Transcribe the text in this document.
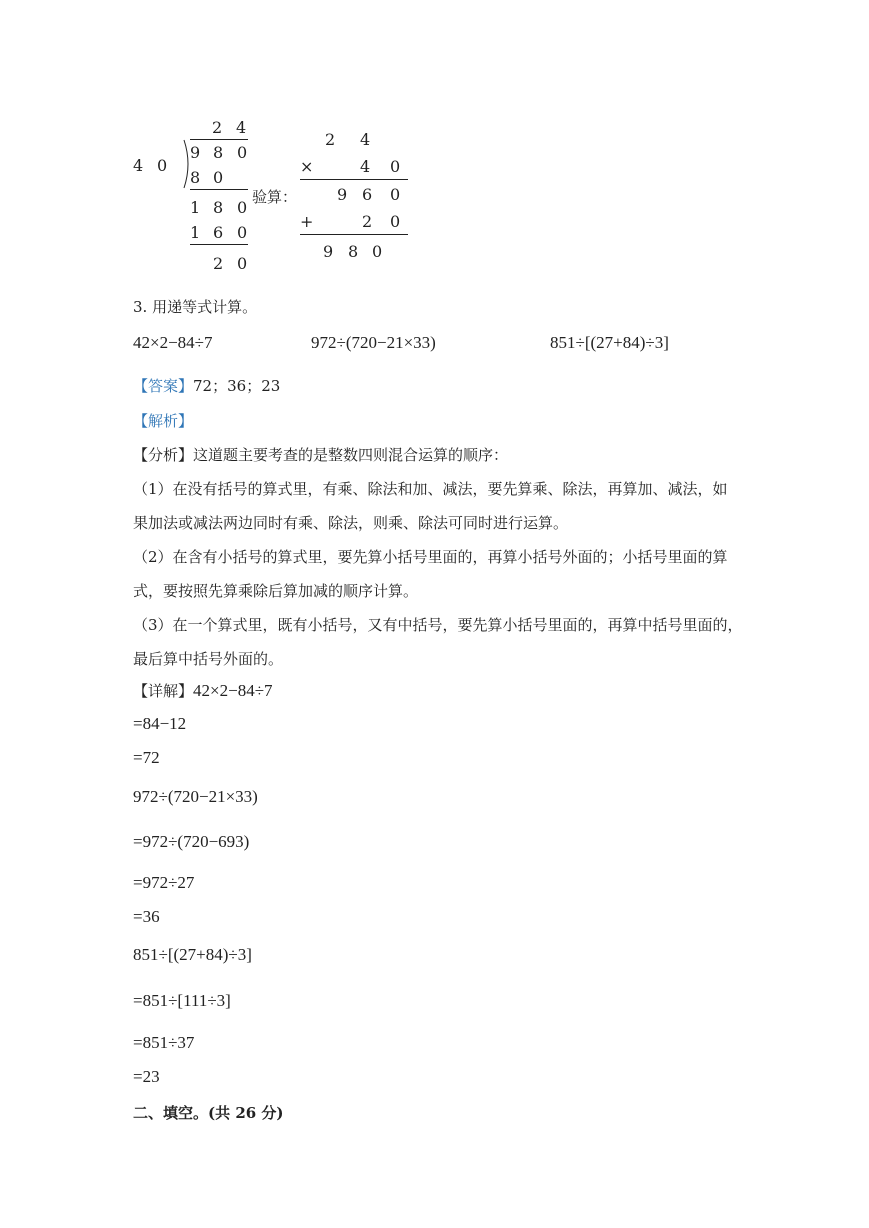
2 4
4 0
9 8 0
8 0
1 8 0
1 6 0
2 0
验算：
2 4
×	4 0
9 6 0
+	2 0
9 8 0
3. 用递等式计算。
42×2−84÷7	972÷(720−21×33)	851÷[(27+84)÷3]
【答案】72；36；23
【解析】
【分析】这道题主要考查的是整数四则混合运算的顺序：
（1）在没有括号的算式里，有乘、除法和加、减法，要先算乘、除法，再算加、减法，如
果加法或减法两边同时有乘、除法，则乘、除法可同时进行运算。
（2）在含有小括号的算式里，要先算小括号里面的，再算小括号外面的；小括号里面的算
式，要按照先算乘除后算加减的顺序计算。
（3）在一个算式里，既有小括号，又有中括号，要先算小括号里面的，再算中括号里面的，
最后算中括号外面的。
【详解】42×2−84÷7
=84−12
=72
972÷(720−21×33)
=972÷(720−693)
=972÷27
=36
851÷[(27+84)÷3]
=851÷[111÷3]
=851÷37
=23
二、填空。(共 26 分)
